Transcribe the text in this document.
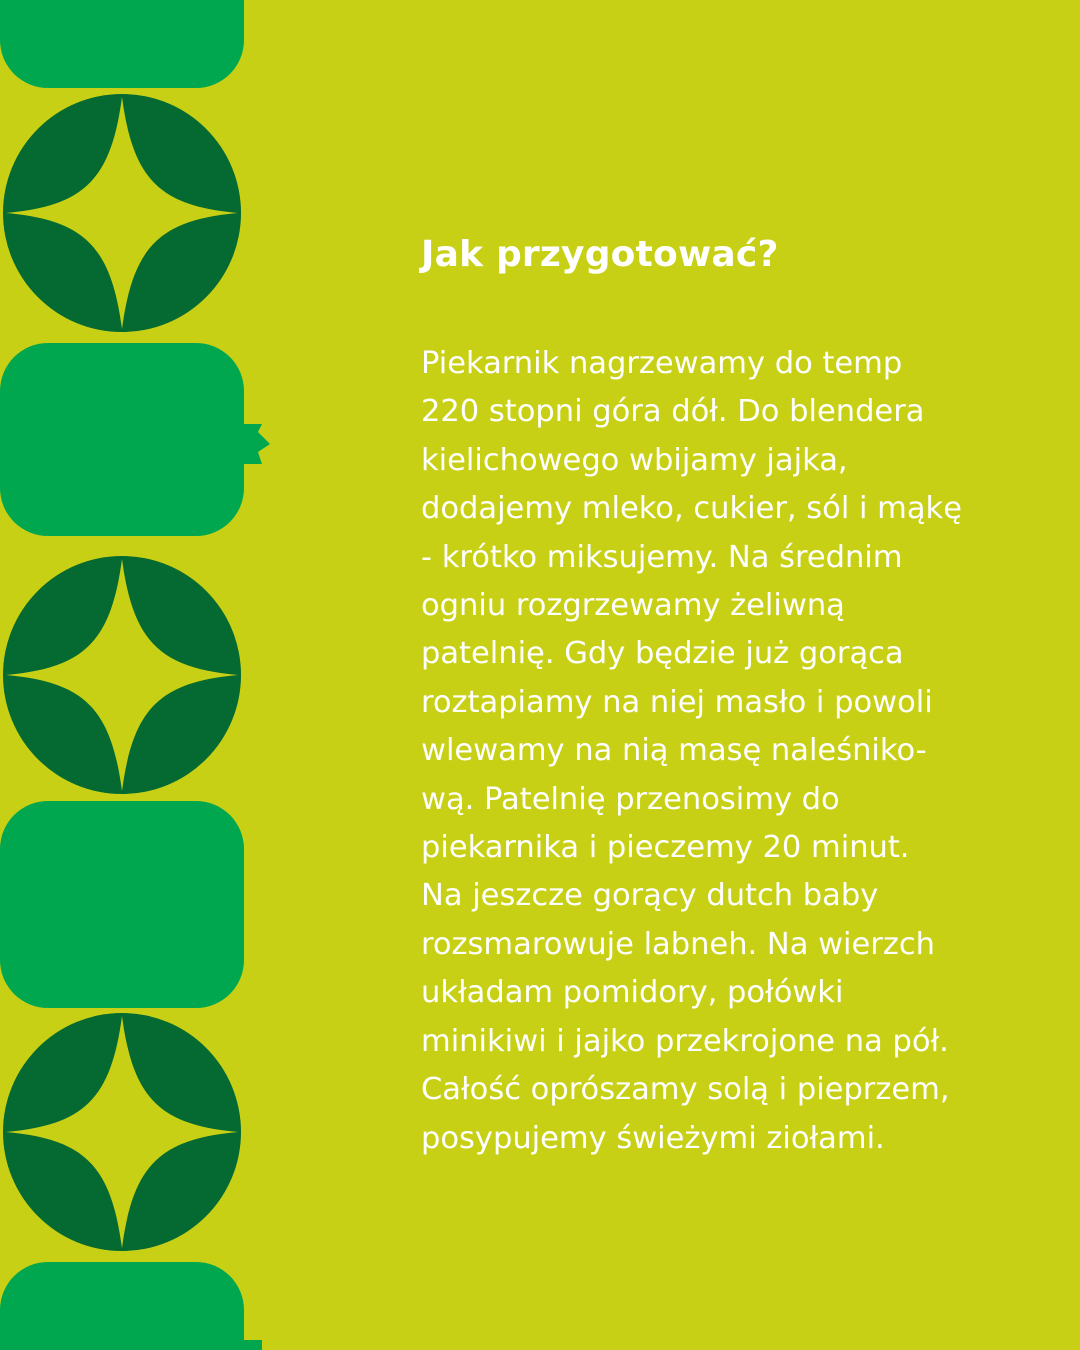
Jak przygotować?

Piekarnik nagrzewamy do temp
220 stopni góra dół. Do blendera
kielichowego wbijamy jajka,
dodajemy mleko, cukier, sól i mąkę
- krótko miksujemy. Na średnim
ogniu rozgrzewamy żeliwną
patelnię. Gdy będzie już gorąca
roztapiamy na niej masło i powoli
wlewamy na nią masę naleśniko-
wą. Patelnię przenosimy do
piekarnika i pieczemy 20 minut.
Na jeszcze gorący dutch baby
rozsmarowuje labneh. Na wierzch
układam pomidory, połówki
minikiwi i jajko przekrojone na pół.
Całość oprószamy solą i pieprzem,
posypujemy świeżymi ziołami.
